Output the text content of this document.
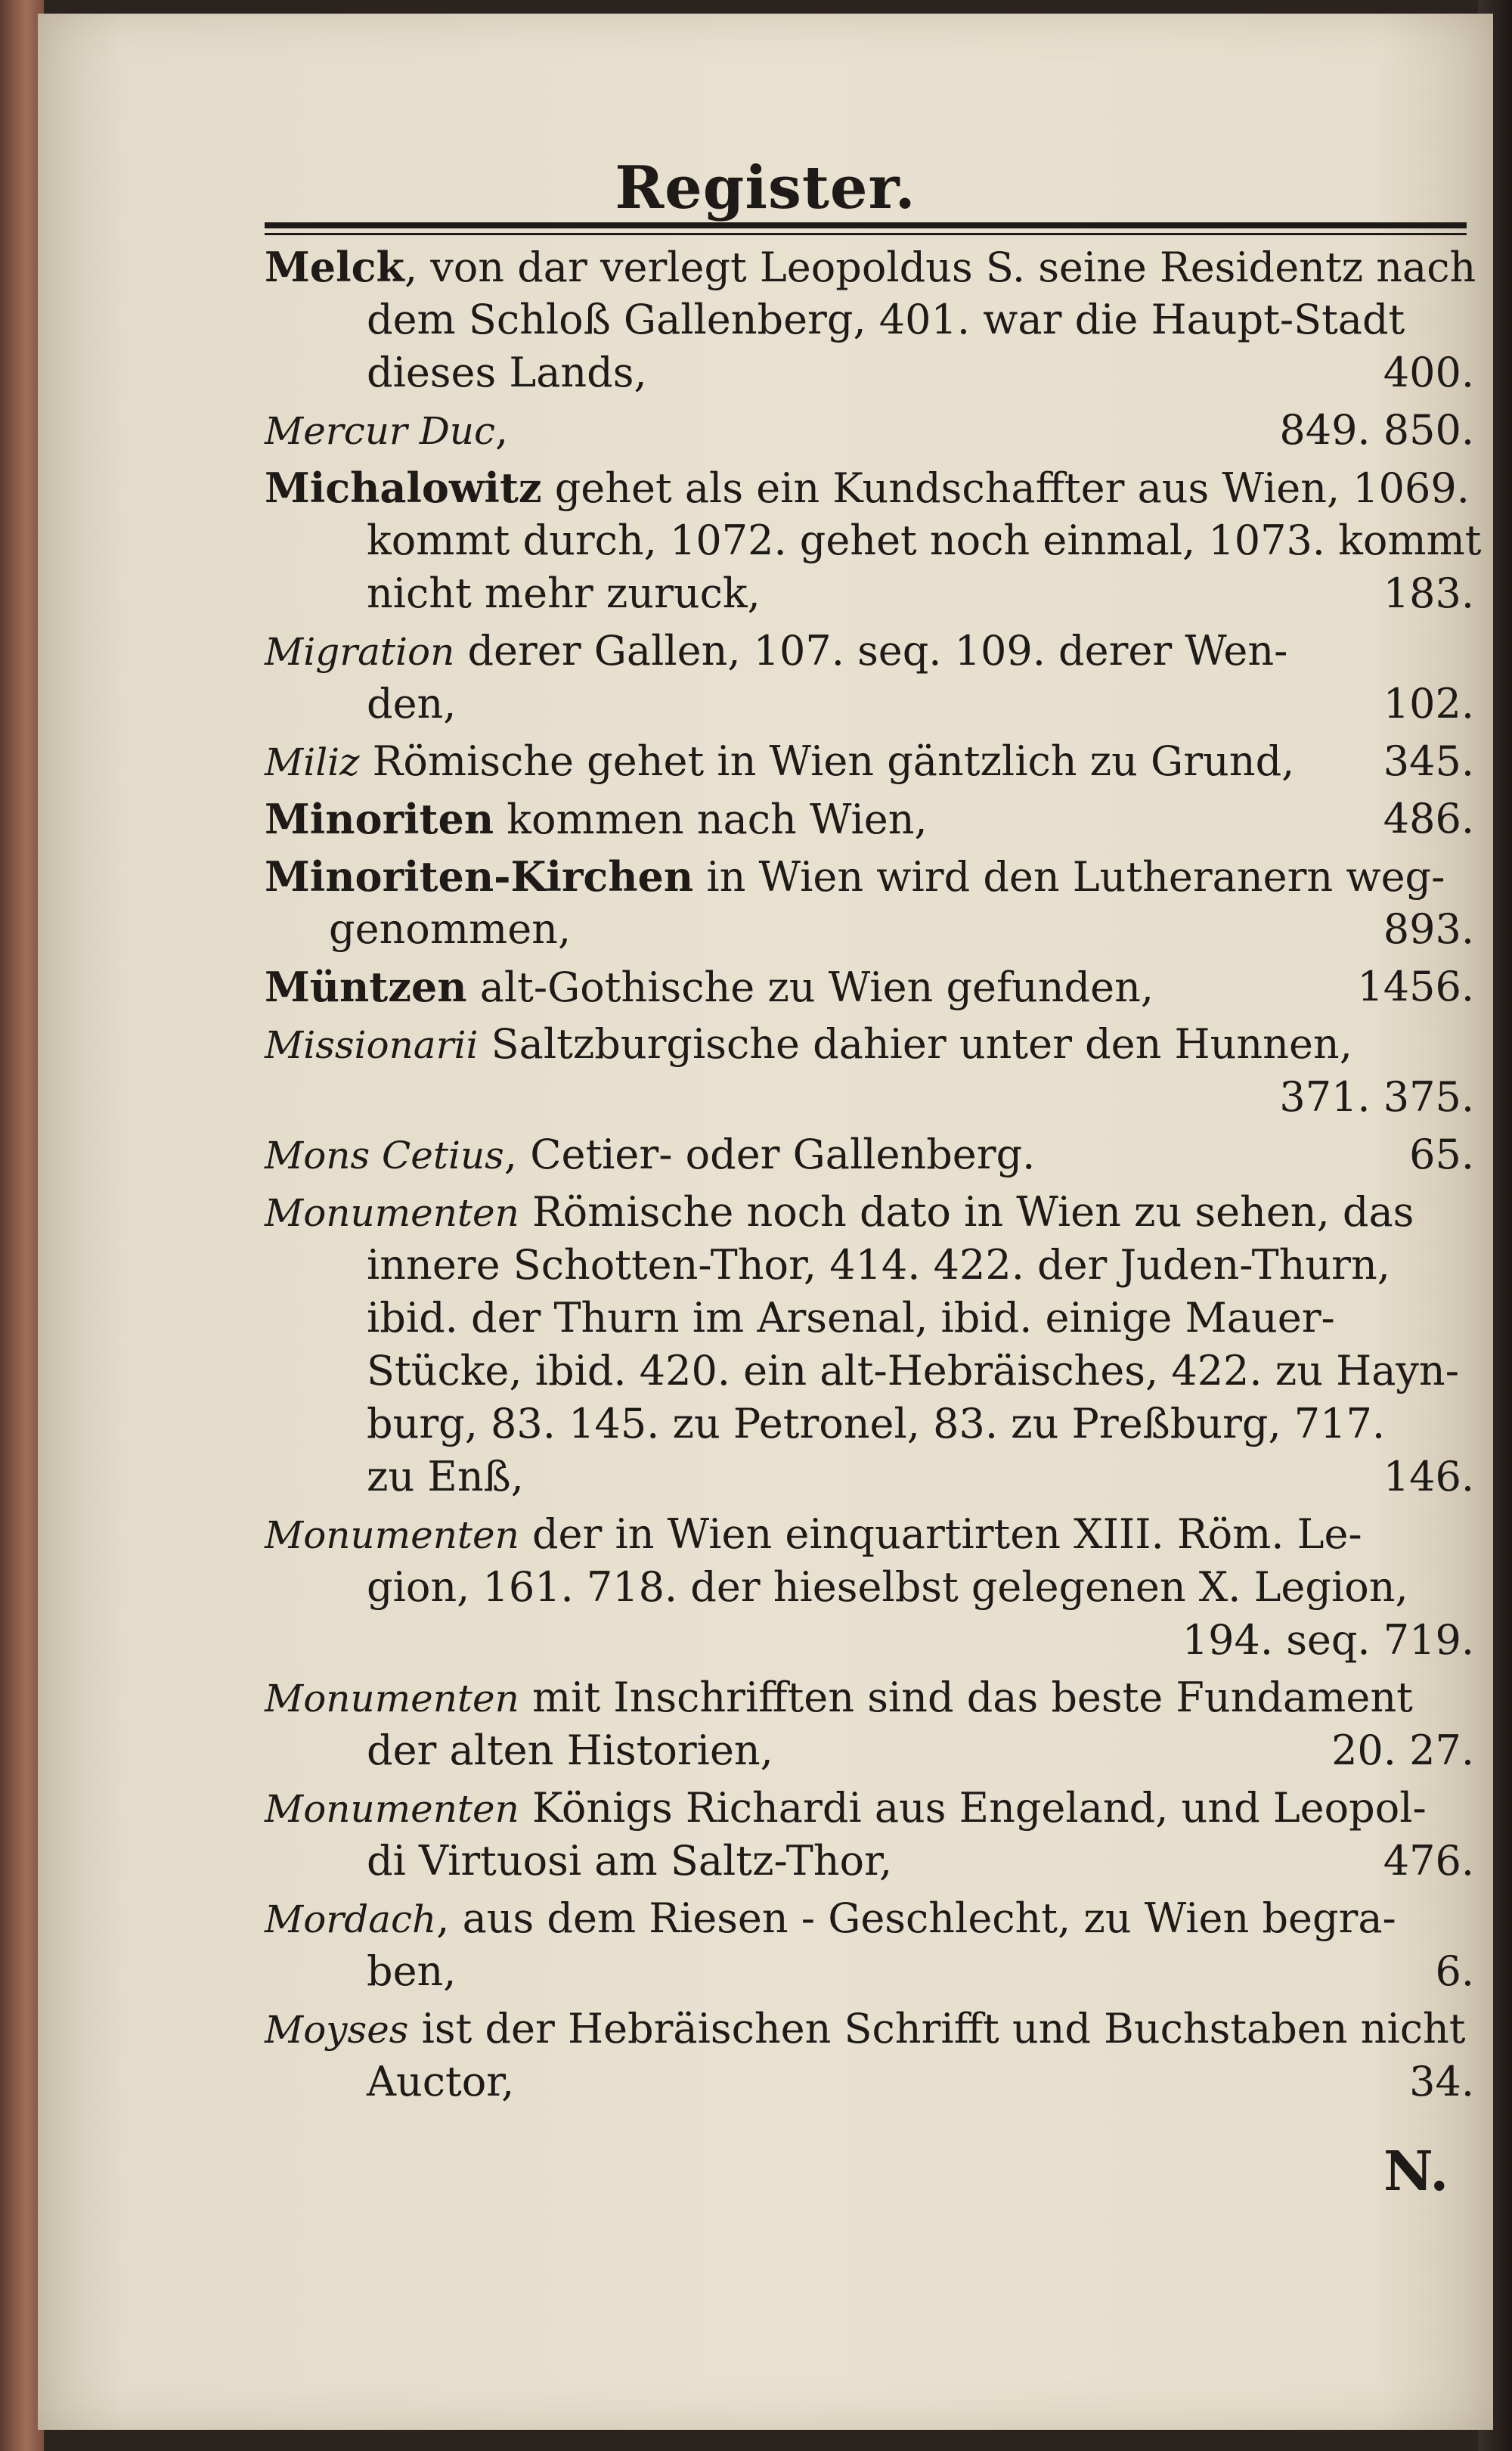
Register.
Melck, von dar verlegt Leopoldus S. seine Residentz nach
dem Schloß Gallenberg, 401. war die Haupt-Stadt
400.
dieses Lands,
849. 850.
Mercur Duc,
Michalowitz gehet als ein Kundschaffter aus Wien, 1069.
kommt durch, 1072. gehet noch einmal, 1073. kommt
183.
nicht mehr zuruck,
Migration derer Gallen, 107. seq. 109. derer Wen-
102.
den,
345.
Miliz Römische gehet in Wien gäntzlich zu Grund,
486.
Minoriten kommen nach Wien,
Minoriten-Kirchen in Wien wird den Lutheranern weg-
893.
genommen,
1456.
Müntzen alt-Gothische zu Wien gefunden,
Missionarii Saltzburgische dahier unter den Hunnen,
371. 375.
65.
Mons Cetius, Cetier- oder Gallenberg.
Monumenten Römische noch dato in Wien zu sehen, das
innere Schotten-Thor, 414. 422. der Juden-Thurn,
ibid. der Thurn im Arsenal, ibid. einige Mauer-
Stücke, ibid. 420. ein alt-Hebräisches, 422. zu Hayn-
burg, 83. 145. zu Petronel, 83. zu Preßburg, 717.
146.
zu Enß,
Monumenten der in Wien einquartirten XIII. Röm. Le-
gion, 161. 718. der hieselbst gelegenen X. Legion,
194. seq. 719.
Monumenten mit Inschrifften sind das beste Fundament
20. 27.
der alten Historien,
Monumenten Königs Richardi aus Engeland, und Leopol-
476.
di Virtuosi am Saltz-Thor,
Mordach, aus dem Riesen - Geschlecht, zu Wien begra-
6.
ben,
Moyses ist der Hebräischen Schrifft und Buchstaben nicht
34.
Auctor,
N.
